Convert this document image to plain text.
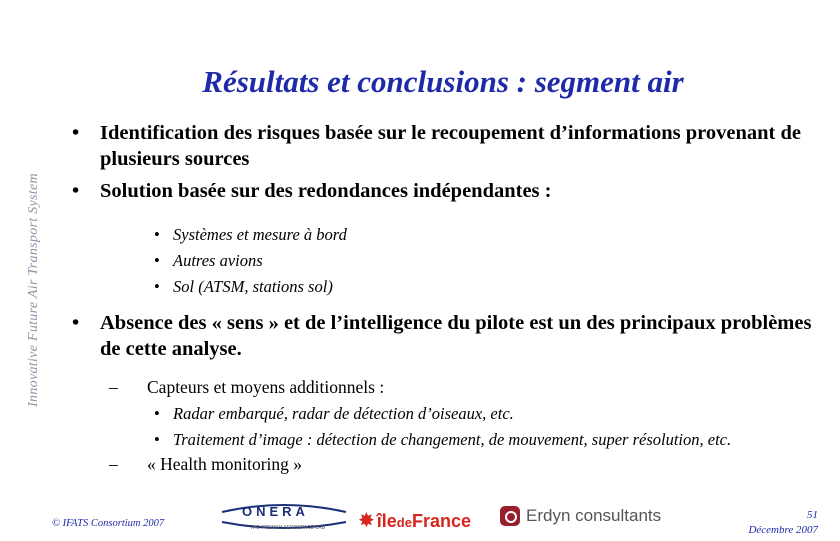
Innovative Future Air Transport System
Résultats et conclusions : segment air
• Identification des risques basée sur le recoupement d’informations provenant de plusieurs sources
• Solution basée sur des redondances indépendantes :
• Systèmes et mesure à bord
• Autres avions
• Sol (ATSM, stations sol)
• Absence des « sens » et de l’intelligence du pilote est un des principaux problèmes de cette analyse.
– Capteurs et moyens additionnels :
• Radar embarqué, radar de détection d’oiseaux, etc.
• Traitement d’image : détection de changement, de mouvement, super résolution, etc.
– « Health monitoring »
© IFATS Consortium 2007
ONERA
THE FRENCH AEROSPACE LAB ✸ îledeFrance	Erdyn consultants	51
Décembre 2007
